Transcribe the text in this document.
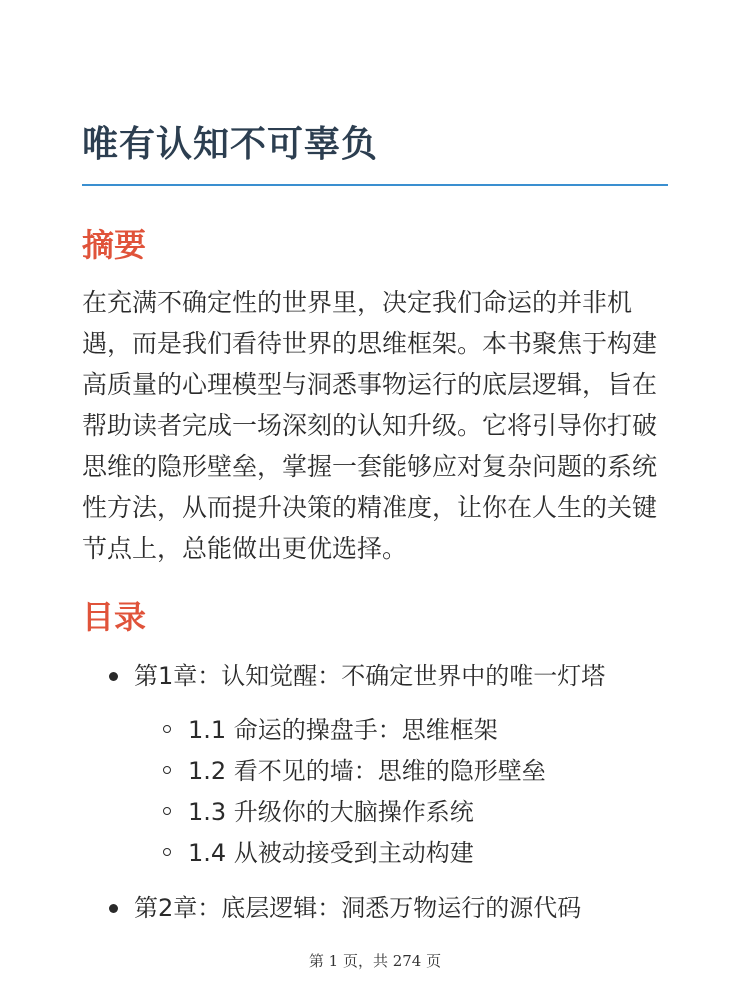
唯有认知不可辜负
摘要

在充满不确定性的世界里，决定我们命运的并非机遇，而是我们看待世界的思维框架。本书聚焦于构建高质量的心理模型与洞悉事物运行的底层逻辑，旨在帮助读者完成一场深刻的认知升级。它将引导你打破思维的隐形壁垒，掌握一套能够应对复杂问题的系统性方法，从而提升决策的精准度，让你在人生的关键节点上，总能做出更优选择。

目录
第1章：认知觉醒：不确定世界中的唯一灯塔
1.1 命运的操盘手：思维框架
1.2 看不见的墙：思维的隐形壁垒
1.3 升级你的大脑操作系统
1.4 从被动接受到主动构建
第2章：底层逻辑：洞悉万物运行的源代码
第 1 页，共 274 页
